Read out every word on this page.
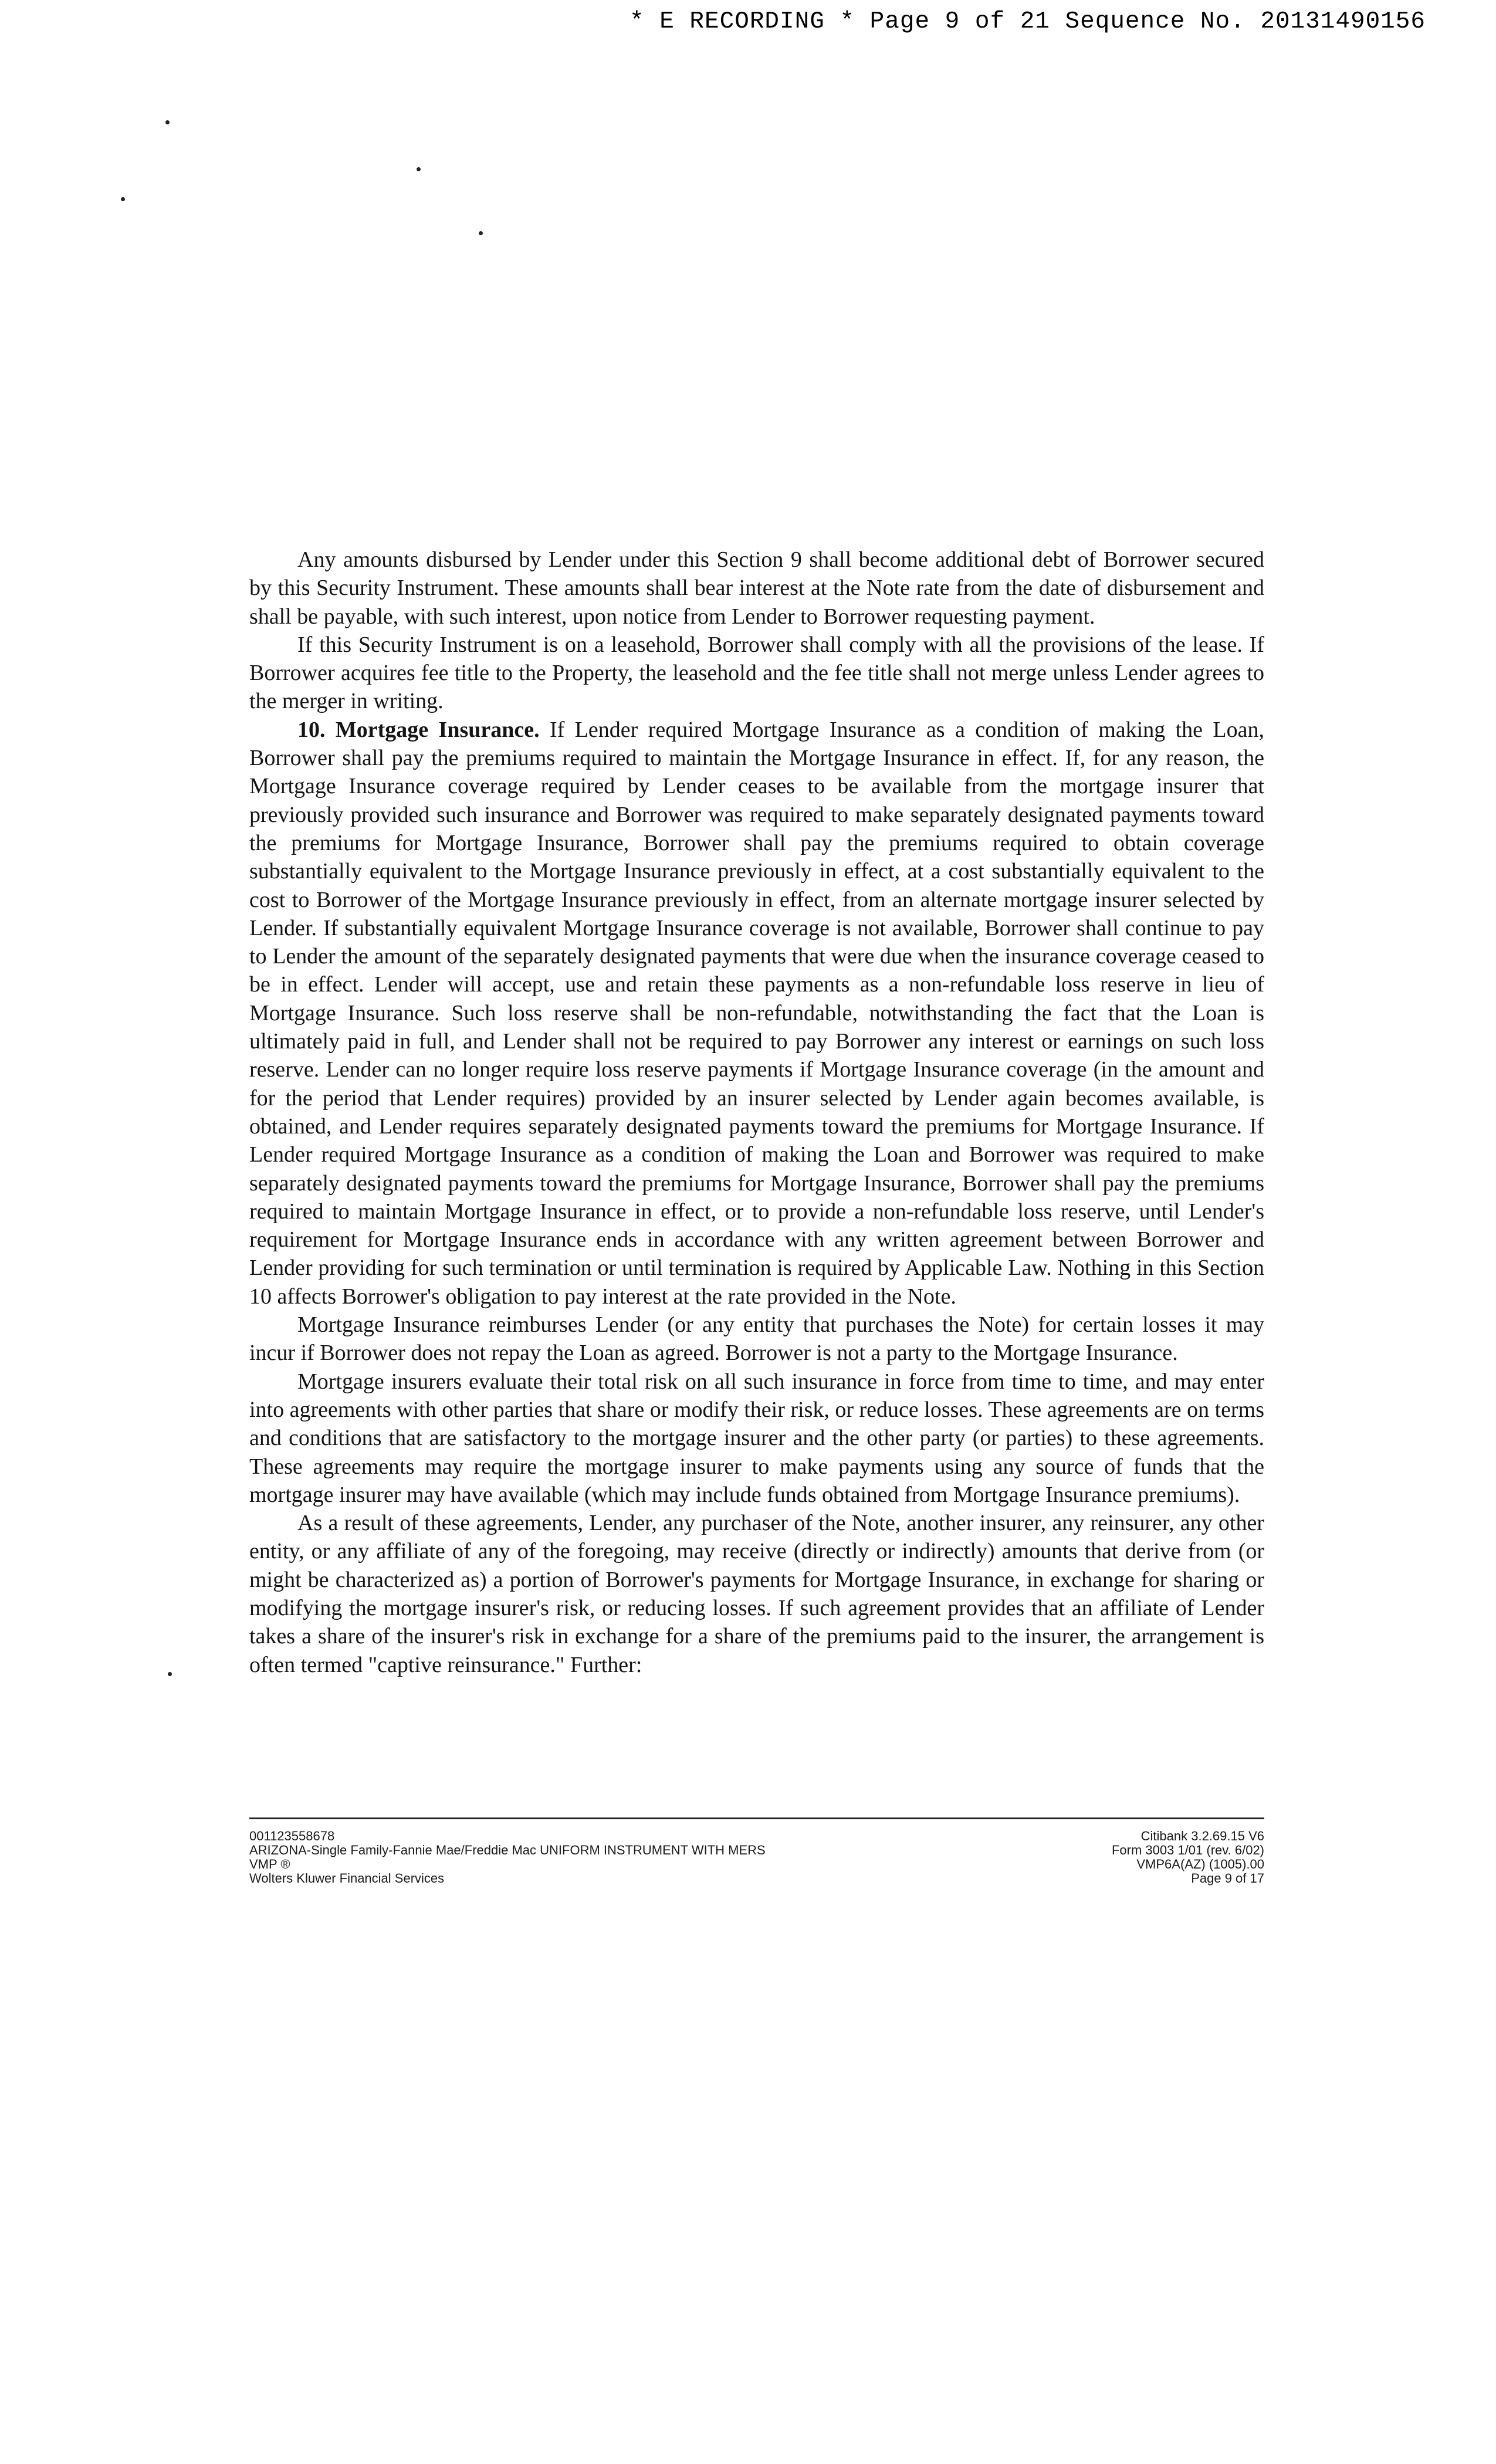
* E RECORDING * Page 9 of 21 Sequence No. 20131490156

Any amounts disbursed by Lender under this Section 9 shall become additional debt of Borrower secured by this Security Instrument. These amounts shall bear interest at the Note rate from the date of disbursement and shall be payable, with such interest, upon notice from Lender to Borrower requesting payment.

If this Security Instrument is on a leasehold, Borrower shall comply with all the provisions of the lease. If Borrower acquires fee title to the Property, the leasehold and the fee title shall not merge unless Lender agrees to the merger in writing.

10. Mortgage Insurance. If Lender required Mortgage Insurance as a condition of making the Loan, Borrower shall pay the premiums required to maintain the Mortgage Insurance in effect. If, for any reason, the Mortgage Insurance coverage required by Lender ceases to be available from the mortgage insurer that previously provided such insurance and Borrower was required to make separately designated payments toward the premiums for Mortgage Insurance, Borrower shall pay the premiums required to obtain coverage substantially equivalent to the Mortgage Insurance previously in effect, at a cost substantially equivalent to the cost to Borrower of the Mortgage Insurance previously in effect, from an alternate mortgage insurer selected by Lender. If substantially equivalent Mortgage Insurance coverage is not available, Borrower shall continue to pay to Lender the amount of the separately designated payments that were due when the insurance coverage ceased to be in effect. Lender will accept, use and retain these payments as a non-refundable loss reserve in lieu of Mortgage Insurance. Such loss reserve shall be non-refundable, notwithstanding the fact that the Loan is ultimately paid in full, and Lender shall not be required to pay Borrower any interest or earnings on such loss reserve. Lender can no longer require loss reserve payments if Mortgage Insurance coverage (in the amount and for the period that Lender requires) provided by an insurer selected by Lender again becomes available, is obtained, and Lender requires separately designated payments toward the premiums for Mortgage Insurance. If Lender required Mortgage Insurance as a condition of making the Loan and Borrower was required to make separately designated payments toward the premiums for Mortgage Insurance, Borrower shall pay the premiums required to maintain Mortgage Insurance in effect, or to provide a non-refundable loss reserve, until Lender's requirement for Mortgage Insurance ends in accordance with any written agreement between Borrower and Lender providing for such termination or until termination is required by Applicable Law. Nothing in this Section 10 affects Borrower's obligation to pay interest at the rate provided in the Note.

Mortgage Insurance reimburses Lender (or any entity that purchases the Note) for certain losses it may incur if Borrower does not repay the Loan as agreed. Borrower is not a party to the Mortgage Insurance.

Mortgage insurers evaluate their total risk on all such insurance in force from time to time, and may enter into agreements with other parties that share or modify their risk, or reduce losses. These agreements are on terms and conditions that are satisfactory to the mortgage insurer and the other party (or parties) to these agreements. These agreements may require the mortgage insurer to make payments using any source of funds that the mortgage insurer may have available (which may include funds obtained from Mortgage Insurance premiums).

As a result of these agreements, Lender, any purchaser of the Note, another insurer, any reinsurer, any other entity, or any affiliate of any of the foregoing, may receive (directly or indirectly) amounts that derive from (or might be characterized as) a portion of Borrower's payments for Mortgage Insurance, in exchange for sharing or modifying the mortgage insurer's risk, or reducing losses. If such agreement provides that an affiliate of Lender takes a share of the insurer's risk in exchange for a share of the premiums paid to the insurer, the arrangement is often termed "captive reinsurance." Further:

001123558678
ARIZONA-Single Family-Fannie Mae/Freddie Mac UNIFORM INSTRUMENT WITH MERS
VMP ®
Wolters Kluwer Financial Services
Citibank 3.2.69.15 V6
Form 3003 1/01 (rev. 6/02)
VMP6A(AZ) (1005).00
Page 9 of 17
